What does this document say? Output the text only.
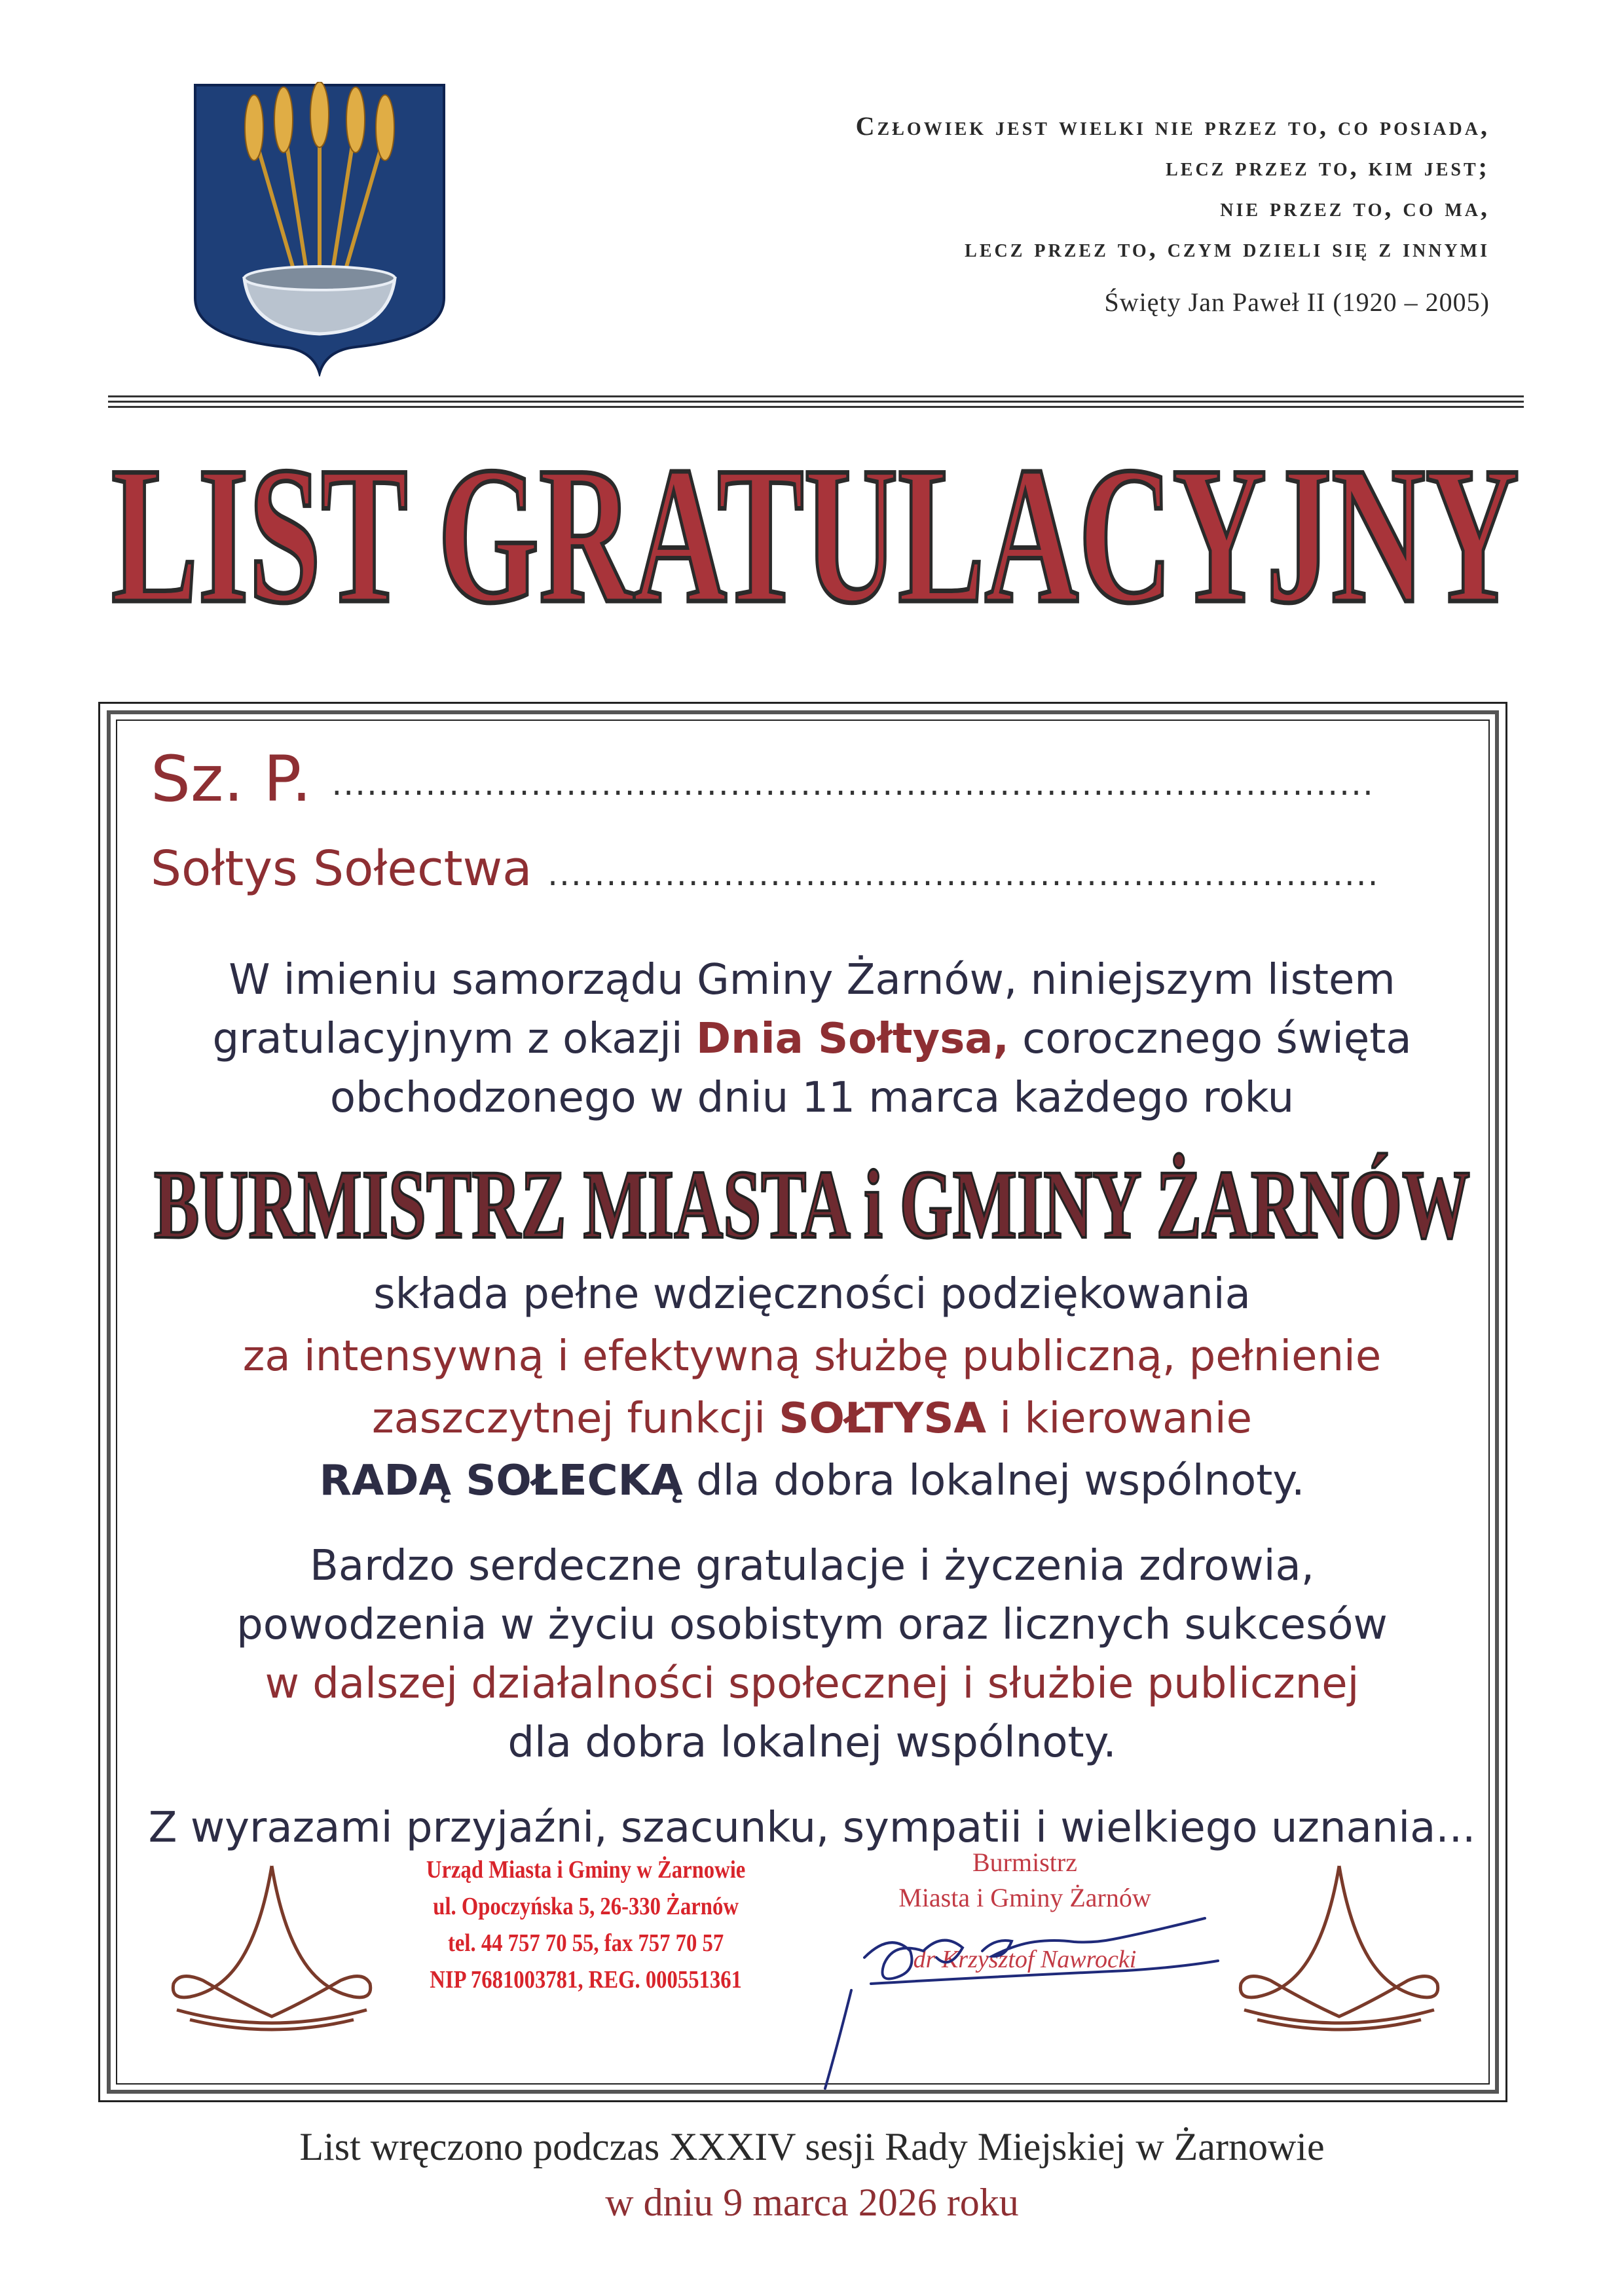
Człowiek jest wielki nie przez to, co posiada,
lecz przez to, kim jest;
nie przez to, co ma,
lecz przez to, czym dzieli się z innymi
Święty Jan Paweł II (1920 – 2005)
LIST GRATULACYJNY
Sz. P. .........................................................................................
Sołtys Sołectwa .......................................................................
W imieniu samorządu Gminy Żarnów, niniejszym listem
gratulacyjnym z okazji Dnia Sołtysa, corocznego święta
obchodzonego w dniu 11 marca każdego roku
BURMISTRZ MIASTA i GMINY ŻARNÓW
składa pełne wdzięczności podziękowania
za intensywną i efektywną służbę publiczną, pełnienie
zaszczytnej funkcji SOŁTYSA i kierowanie
RADĄ SOŁECKĄ dla dobra lokalnej wspólnoty.
Bardzo serdeczne gratulacje i życzenia zdrowia,
powodzenia w życiu osobistym oraz licznych sukcesów
w dalszej działalności społecznej i służbie publicznej
dla dobra lokalnej wspólnoty.
Z wyrazami przyjaźni, szacunku, sympatii i wielkiego uznania...
Urząd Miasta i Gminy w Żarnowie
ul. Opoczyńska 5, 26-330 Żarnów
tel. 44 757 70 55, fax 757 70 57
NIP 7681003781, REG. 000551361
Burmistrz
Miasta i Gminy Żarnów
dr Krzysztof Nawrocki
List wręczono podczas XXXIV sesji Rady Miejskiej w Żarnowie
w dniu 9 marca 2026 roku
